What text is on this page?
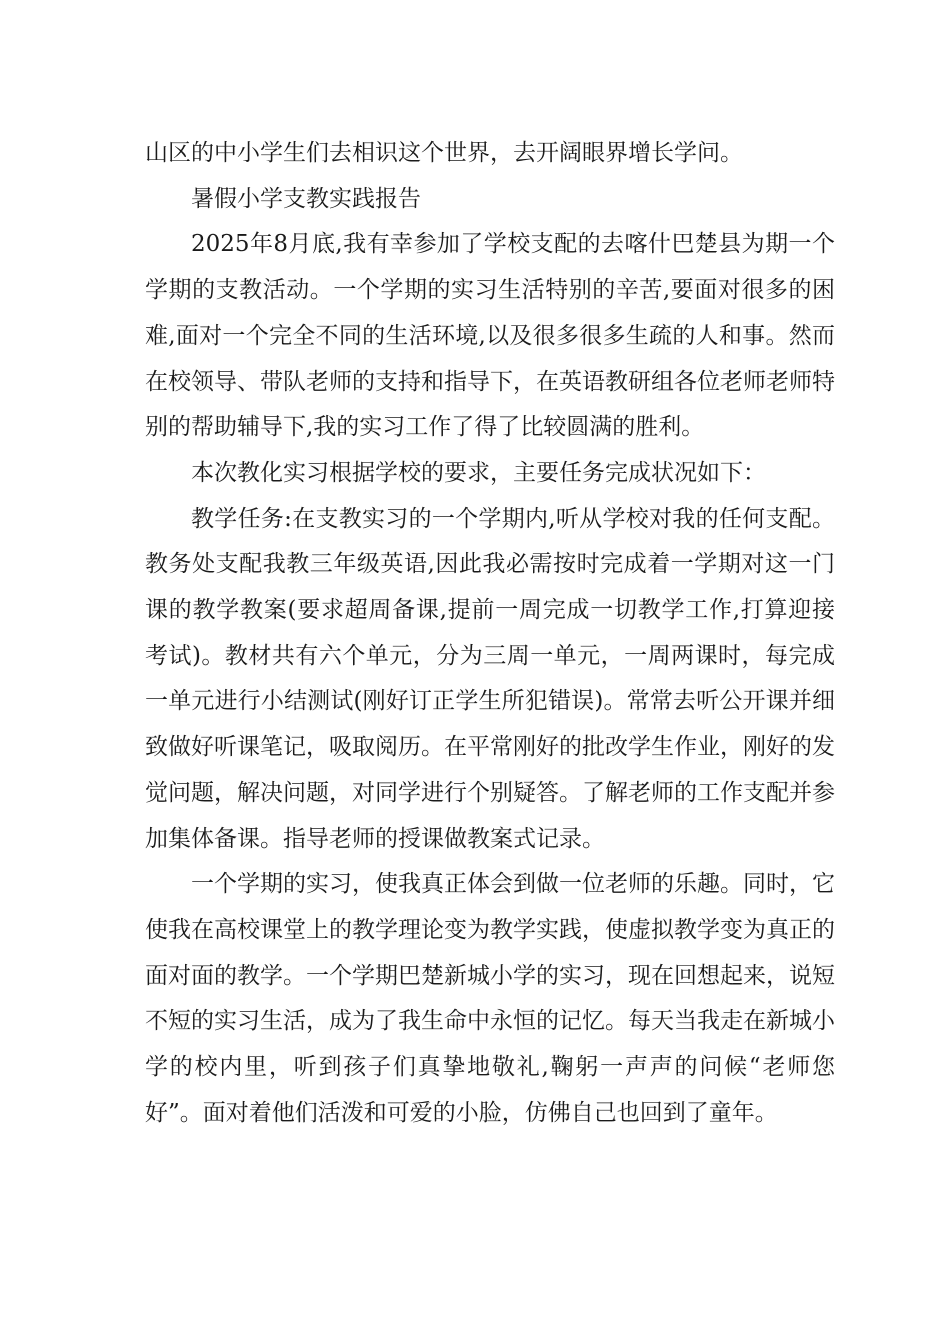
山区的中小学生们去相识这个世界，去开阔眼界增长学问。

暑假小学支教实践报告

2025年8月底,我有幸参加了学校支配的去喀什巴楚县为期一个学期的支教活动。一个学期的实习生活特别的辛苦,要面对很多的困难,面对一个完全不同的生活环境,以及很多很多生疏的人和事。然而在校领导、带队老师的支持和指导下，在英语教研组各位老师老师特别的帮助辅导下,我的实习工作了得了比较圆满的胜利。

本次教化实习根据学校的要求，主要任务完成状况如下：

教学任务:在支教实习的一个学期内,听从学校对我的任何支配。教务处支配我教三年级英语,因此我必需按时完成着一学期对这一门课的教学教案(要求超周备课,提前一周完成一切教学工作,打算迎接考试)。教材共有六个单元，分为三周一单元，一周两课时，每完成一单元进行小结测试(刚好订正学生所犯错误)。常常去听公开课并细致做好听课笔记，吸取阅历。在平常刚好的批改学生作业，刚好的发觉问题，解决问题，对同学进行个别疑答。了解老师的工作支配并参加集体备课。指导老师的授课做教案式记录。

一个学期的实习，使我真正体会到做一位老师的乐趣。同时，它使我在高校课堂上的教学理论变为教学实践，使虚拟教学变为真正的面对面的教学。一个学期巴楚新城小学的实习，现在回想起来，说短不短的实习生活，成为了我生命中永恒的记忆。每天当我走在新城小学的校内里，听到孩子们真挚地敬礼,鞠躬一声声的问候“老师您好”。面对着他们活泼和可爱的小脸，仿佛自己也回到了童年。
